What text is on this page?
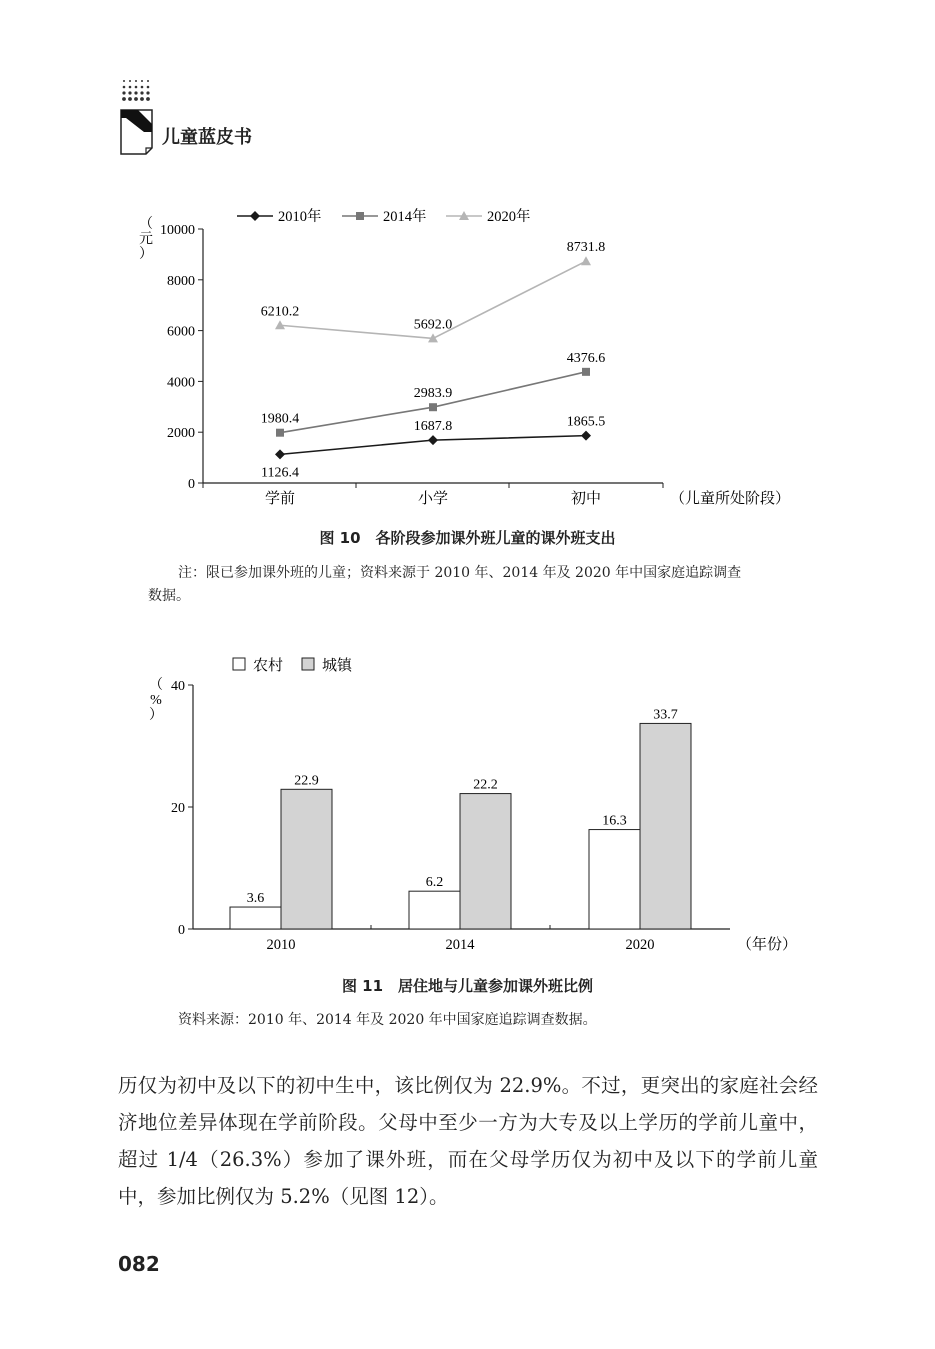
儿童蓝皮书
0
2000
4000
6000
8000
10000
学前	小学	初中	（儿童所处阶段）
（
元
）
2010年	2014年	2020年
1126.4
1687.8	1865.5
1980.4
2983.9
4376.6
6210.2
5692.0
8731.8
图 10　各阶段参加课外班儿童的课外班支出
注：限已参加课外班的儿童；资料来源于 2010 年、2014 年及 2020 年中国家庭追踪调查
数据。
0
20
40
2010	2014	2020	（年份）
（
%
）
农村	城镇
3.6
6.2
16.3
22.9	22.2
33.7
图 11　居住地与儿童参加课外班比例
资料来源：2010 年、2014 年及 2020 年中国家庭追踪调查数据。
历仅为初中及以下的初中生中，该比例仅为 22.9%。不过，更突出的家庭社会经济地位差异体现在学前阶段。父母中至少一方为大专及以上学历的学前儿童中，超过 1/4（26.3%）参加了课外班，而在父母学历仅为初中及以下的学前儿童中，参加比例仅为 5.2%（见图 12）。
082
